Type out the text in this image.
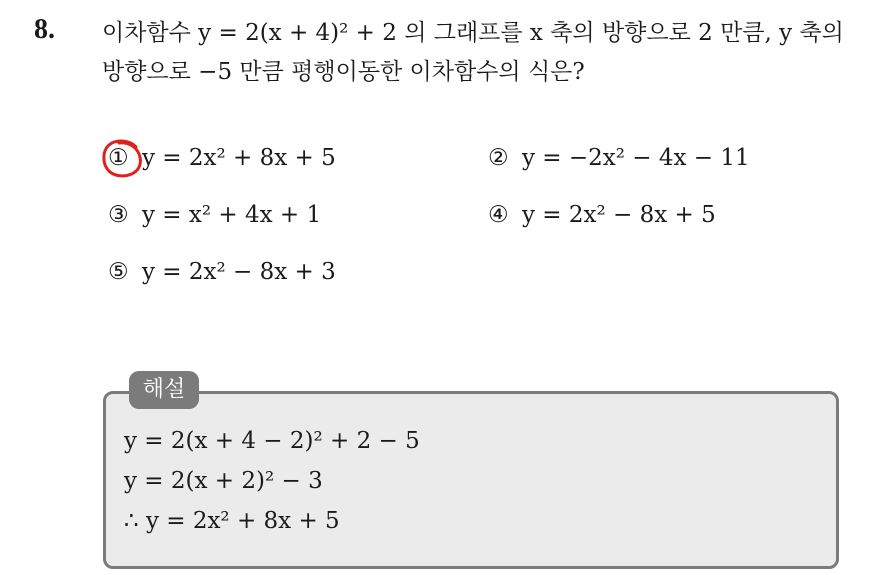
8. 이차함수 y = 2(x + 4)² + 2 의 그래프를 x 축의 방향으로 2 만큼, y 축의 방향으로 −5 만큼 평행이동한 이차함수의 식은?
① y = 2x² + 8x + 5	② y = −2x² − 4x − 11
③ y = x² + 4x + 1	④ y = 2x² − 8x + 5
⑤ y = 2x² − 8x + 3
해설
y = 2(x + 4 − 2)² + 2 − 5
y = 2(x + 2)² − 3
∴ y = 2x² + 8x + 5
